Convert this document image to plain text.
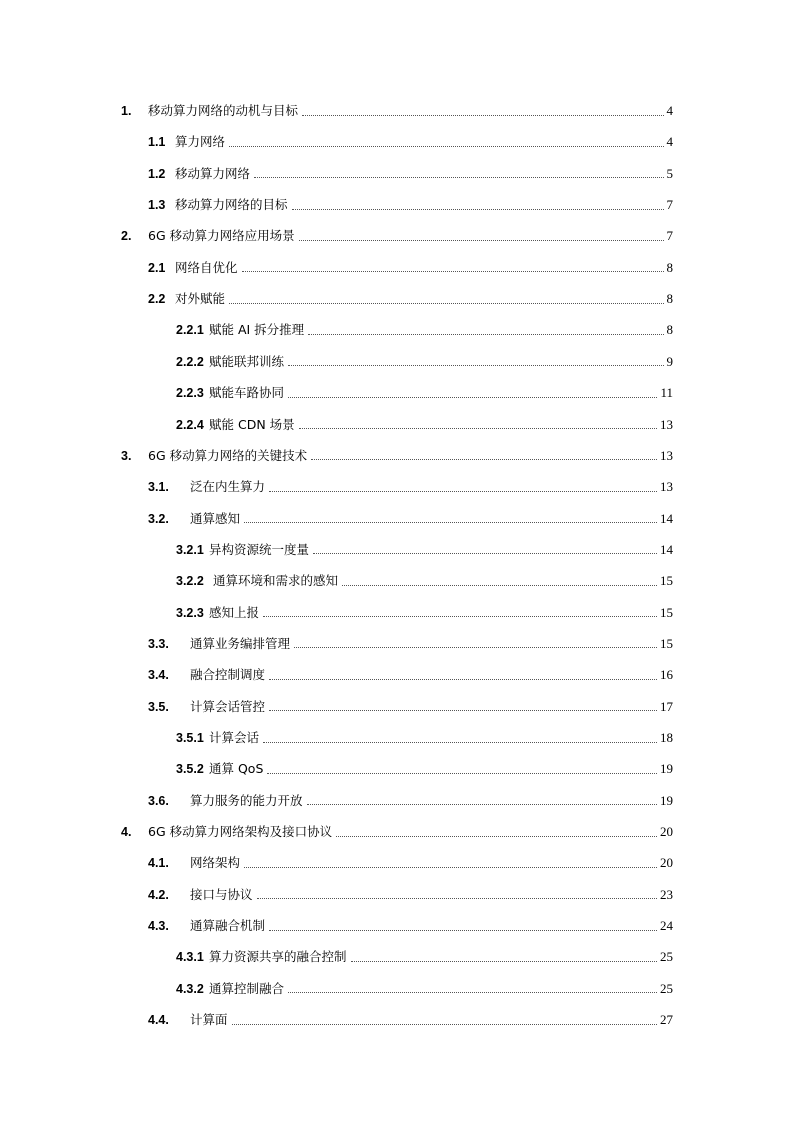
1. 移动算力网络的动机与目标	4
1.1 算力网络	4
1.2 移动算力网络	5
1.3 移动算力网络的目标	7
2. 6G 移动算力网络应用场景	7
2.1 网络自优化	8
2.2 对外赋能	8
2.2.1 赋能 AI 拆分推理	8
2.2.2 赋能联邦训练	9
2.2.3 赋能车路协同	11
2.2.4 赋能 CDN 场景	13
3. 6G 移动算力网络的关键技术	13
3.1. 泛在内生算力	13
3.2. 通算感知	14
3.2.1 异构资源统一度量	14
3.2.2 通算环境和需求的感知	15
3.2.3 感知上报	15
3.3. 通算业务编排管理	15
3.4. 融合控制调度	16
3.5. 计算会话管控	17
3.5.1 计算会话	18
3.5.2 通算 QoS	19
3.6. 算力服务的能力开放	19
4. 6G 移动算力网络架构及接口协议	20
4.1. 网络架构	20
4.2. 接口与协议	23
4.3. 通算融合机制	24
4.3.1 算力资源共享的融合控制	25
4.3.2 通算控制融合	25
4.4. 计算面	27
